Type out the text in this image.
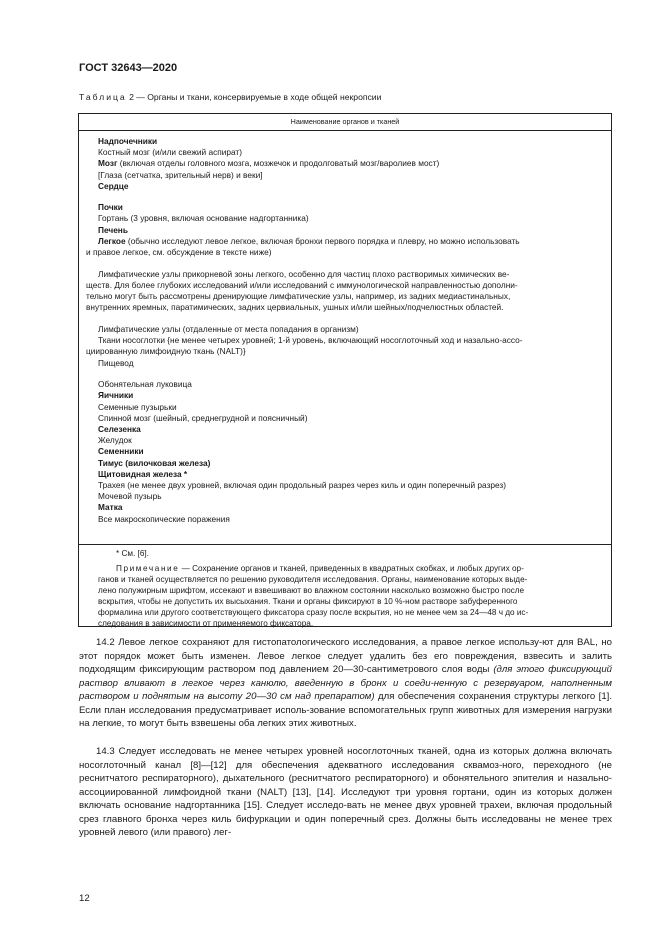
ГОСТ 32643—2020
Таблица 2 — Органы и ткани, консервируемые в ходе общей некропсии
Наименование органов и тканей
Надпочечники
Костный мозг (и/или свежий аспират)
Мозг (включая отделы головного мозга, мозжечок и продолговатый мозг/варолиев мост)
[Глаза (сетчатка, зрительный нерв) и веки]
Сердце
Почки
Гортань (3 уровня, включая основание надгортанника)
Печень
Легкое (обычно исследуют левое легкое, включая бронхи первого порядка и плевру, но можно использовать
и правое легкое, см. обсуждение в тексте ниже)
Лимфатические узлы прикорневой зоны легкого, особенно для частиц плохо растворимых химических ве-
ществ. Для более глубоких исследований и/или исследований с иммунологической направленностью дополни-
тельно могут быть рассмотрены дренирующие лимфатические узлы, например, из задних медиастинальных,
внутренних яремных, паратимических, задних цервиальных, ушных и/или шейных/подчелюстных областей.
Лимфатические узлы (отдаленные от места попадания в организм)
Ткани носоглотки {не менее четырех уровней; 1-й уровень, включающий носоглоточный ход и назально-ассо-
циированную лимфоидную ткань (NALT)}
Пищевод
Обонятельная луковица
Яичники
Семенные пузырьки
Спинной мозг (шейный, среднегрудной и поясничный)
Селезенка
Желудок
Семенники
Тимус (вилочковая железа)
Щитовидная железа *
Трахея (не менее двух уровней, включая один продольный разрез через киль и один поперечный разрез)
Мочевой пузырь
Матка
Все макроскопические поражения
* См. [6].
Примечание — Сохранение органов и тканей, приведенных в квадратных скобках, и любых других ор-
ганов и тканей осуществляется по решению руководителя исследования. Органы, наименование которых выде-
лено полужирным шрифтом, иссекают и взвешивают во влажном состоянии насколько возможно быстро после
вскрытия, чтобы не допустить их высыхания. Ткани и органы фиксируют в 10 %-ном растворе забуференного
формалина или другого соответствующего фиксатора сразу после вскрытия, но не менее чем за 24—48 ч до ис-
следования в зависимости от применяемого фиксатора.
14.2 Левое легкое сохраняют для гистопатологического исследования, а правое легкое использу-ют для BAL, но этот порядок может быть изменен. Левое легкое следует удалить без его повреждения, взвесить и залить подходящим фиксирующим раствором под давлением 20—30-сантиметрового слоя воды (для этого фиксирующий раствор вливают в легкое через канюлю, введенную в бронх и соеди-ненную с резервуаром, наполненным раствором и поднятым на высоту 20—30 см над препаратом) для обеспечения сохранения структуры легкого [1]. Если план исследования предусматривает исполь-зование вспомогательных групп животных для измерения нагрузки на легкие, то могут быть взвешены оба легких этих животных.
14.3 Следует исследовать не менее четырех уровней носоглоточных тканей, одна из которых должна включать носоглоточный канал [8]—[12] для обеспечения адекватного исследования сквамоз-ного, переходного (не реснитчатого респираторного), дыхательного (реснитчатого респираторного) и обонятельного эпителия и назально-ассоциированной лимфоидной ткани (NALT) [13], [14]. Исследуют три уровня гортани, один из которых должен включать основание надгортанника [15]. Следует исследо-вать не менее двух уровней трахеи, включая продольный срез главного бронха через киль бифуркации и один поперечный срез. Должны быть исследованы не менее трех уровней левого (или правого) лег-
12
